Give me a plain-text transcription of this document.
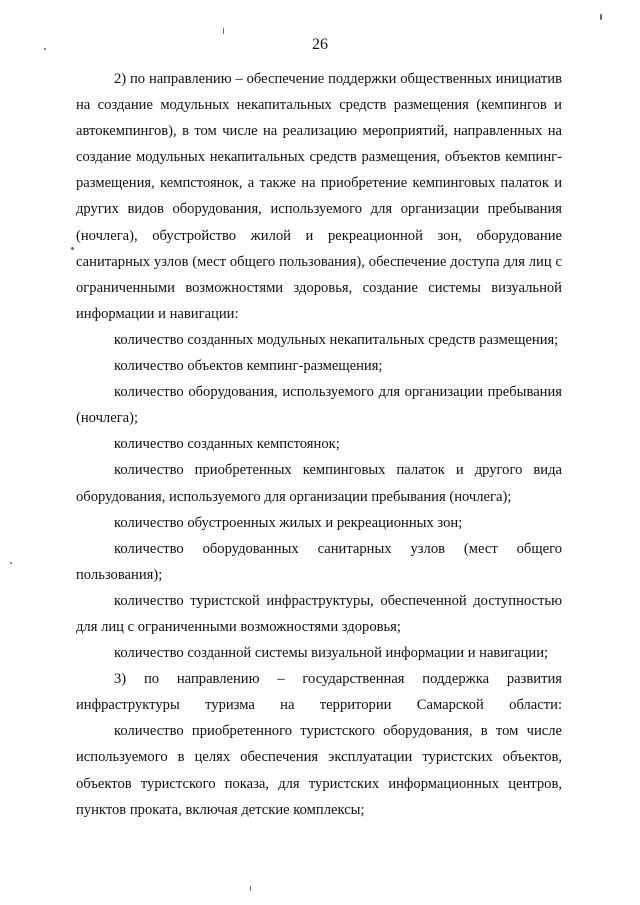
26

2) по направлению – обеспечение поддержки общественных инициатив на создание модульных некапитальных средств размещения (кемпингов и автокемпингов), в том числе на реализацию мероприятий, направленных на создание модульных некапитальных средств размещения, объектов кемпинг-размещения, кемпстоянок, а также на приобретение кемпинговых палаток и других видов оборудования, используемого для организации пребывания (ночлега), обустройство жилой и рекреационной зон, оборудование санитарных узлов (мест общего пользования), обеспечение доступа для лиц с ограниченными возможностями здоровья, создание системы визуальной информации и навигации:

количество созданных модульных некапитальных средств размещения;

количество объектов кемпинг-размещения;

количество оборудования, используемого для организации пребывания (ночлега);

количество созданных кемпстоянок;

количество приобретенных кемпинговых палаток и другого вида оборудования, используемого для организации пребывания (ночлега);

количество обустроенных жилых и рекреационных зон;

количество оборудованных санитарных узлов (мест общего пользования);

количество туристской инфраструктуры, обеспеченной доступностью для лиц с ограниченными возможностями здоровья;

количество созданной системы визуальной информации и навигации;

3) по направлению – государственная поддержка развития инфраструктуры туризма на территории Самарской области:

количество приобретенного туристского оборудования, в том числе используемого в целях обеспечения эксплуатации туристских объектов, объектов туристского показа, для туристских информационных центров, пунктов проката, включая детские комплексы;
